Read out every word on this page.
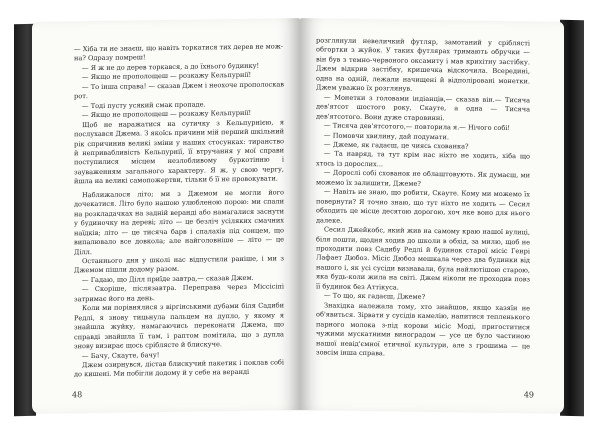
— Хіба ти не знаєш, що навіть торкатися тих дерев не мож-

на? Одразу помреш!

— Я ж не до дерев торкався, а до їхнього будинку!

— Якщо не прополощеш — розкажу Кельпурнії!

— То інша справа! — сказав Джем і неохоче прополоскав рот.

— Тоді пусту усякий смак пропаде.

— Якщо не прополощеш — розкажу Кельпурнії!

Щоб не наражатися на сутичку з Кельпурнією, я послухався Джема. З якоїсь причини мій перший шкільний рік спричинив великі зміни у наших стосунках: тиранство й непривабливість Кельпурнії, її втручання у мої справи поступилися місцем незлобливому буркотінню і зауваженням загального характеру. Я ж, у свою чергу, йшла на великі самопожертви, тільки б її не провокувати.

Наближалося літо; ми з Джемом не могли його дочекатися. Літо було нашою улюбленою порою: ми спали на розкладачках на задній веранді або намагалися заснути у будиночку на дереві; літо — це безліч усіляких смачних наїдків; літо — це тисяча барв і спалахів під сонцем, що випалювало все довкола; але найголовніше — літо — це Ділл.

Останнього дня у школі нас відпустили раніше, і ми з Джемом пішли додому разом.

— Гадаю, що Ділл приїде завтра,— сказав Джем.

— Скоріше, післязавтра. Переправа через Міссісіпі затримає його на день.

Коли ми порівнялися з віргінськими дубами біля Садиби Редлі, я знову тицьнула пальцем на дупло, у якому я знайшла жуйку, намагаючись переконати Джема, що справді знайшла її там, і раптом помітила, що з дупла знову визирає щось сріблясте й блискуче.

— Бачу, Скауте, бачу!

Джем озирнувся, дістав блискучий пакетик і поклав собі до кишені. Ми побігли додому й у себе на веранді

48

розглянули невеличкий футляр, замотаний у сріблясті обгортки з жуйок. У таких футлярах тримають обручки — він був з темно-червоного оксамиту і мав крихітну застібку. Джем відкрив застібку, кришечка відскочила. Всередині, одна на одній, лежали начищені й відполіровані монетки. Джем уважно їх розглянув.

— Монетки з головами індіанців,— сказав він.— Тисяча дев'ятсот шостого року, Скауте, а одна — Тисяча дев'ятсотого. Вони дуже старовинні.

— Тисяча дев'ятсотого,— повторила я.— Нічого собі!

— Помовчи хвилину, дай подумати.

— Джеме, як гадаєш, це чиясь схованка?

— Та навряд, та тут крім нас ніхто не ходить, хіба що хтось із дорослих...

— Дорослі собі схованок не облаштовують. Як думаєш, ми можемо їх залишити, Джеме?

— Навіть не знаю, що робити, Скауте. Кому ми можемо їх повернути? Я точно знаю, що тут ніхто не ходить — Сесил обходить це місце десятою дорогою, хоч яке воно для нього далеке.

Сесил Джейкобс, який жив на самому краю нашої вулиці, біля пошти, щодня ходив до школи в обхід, за милю, щоб не проходити повз Садибу Редлі й будинок старої місіс Генрі Лафает Дюбоз. Місіс Дюбоз мешкала через два будинки від нашого і, як усі сусіди визнавали, була найлютішою старою, яка будь-коли жила на світі. Джем ніколи не проходив повз її будинок без Аттікуса.

— То що, як гадаєш, Джеме?

Знахідка належала тому, хто знайшов, якщо хазяїн не об'явиться. Зірвати у сусідів камелію, напитися тепленького парного молока з-під корови місіс Моді, пригоститися чужими мускатними виноградом — усе це було частиною нашої невід'ємної етичної культури, але з грошима — це зовсім інша справа.

49
